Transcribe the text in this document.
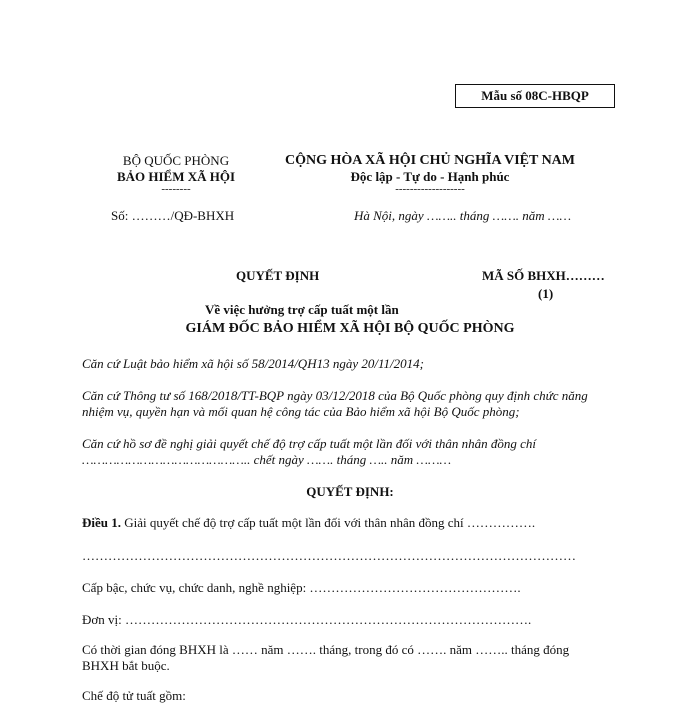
Mẫu số 08C-HBQP
BỘ QUỐC PHÒNG
BẢO HIỂM XÃ HỘI
--------
Số: ………/QĐ-BHXH
CỘNG HÒA XÃ HỘI CHỦ NGHĨA VIỆT NAM
Độc lập - Tự do - Hạnh phúc
-------------------
Hà Nội, ngày …….. tháng ……. năm ……
QUYẾT ĐỊNH	MÃ SỐ BHXH………
(1)
Về việc hưởng trợ cấp tuất một lần
GIÁM ĐỐC BẢO HIỂM XÃ HỘI BỘ QUỐC PHÒNG
Căn cứ Luật bảo hiểm xã hội số 58/2014/QH13 ngày 20/11/2014;
Căn cứ Thông tư số 168/2018/TT-BQP ngày 03/12/2018 của Bộ Quốc phòng quy định chức năng
nhiệm vụ, quyền hạn và mối quan hệ công tác của Bảo hiểm xã hội Bộ Quốc phòng;
Căn cứ hồ sơ đề nghị giải quyết chế độ trợ cấp tuất một lần đối với thân nhân đồng chí
…………………………………….. chết ngày ……. tháng ….. năm ………
QUYẾT ĐỊNH:
Điều 1. Giải quyết chế độ trợ cấp tuất một lần đối với thân nhân đồng chí …………….
……………………………………………………………………………………………………
Cấp bậc, chức vụ, chức danh, nghề nghiệp: ………………………………………….
Đơn vị: ………………………………………………………………………………….
Có thời gian đóng BHXH là …… năm ……. tháng, trong đó có ……. năm …….. tháng đóng
BHXH bắt buộc.
Chế độ tử tuất gồm:
